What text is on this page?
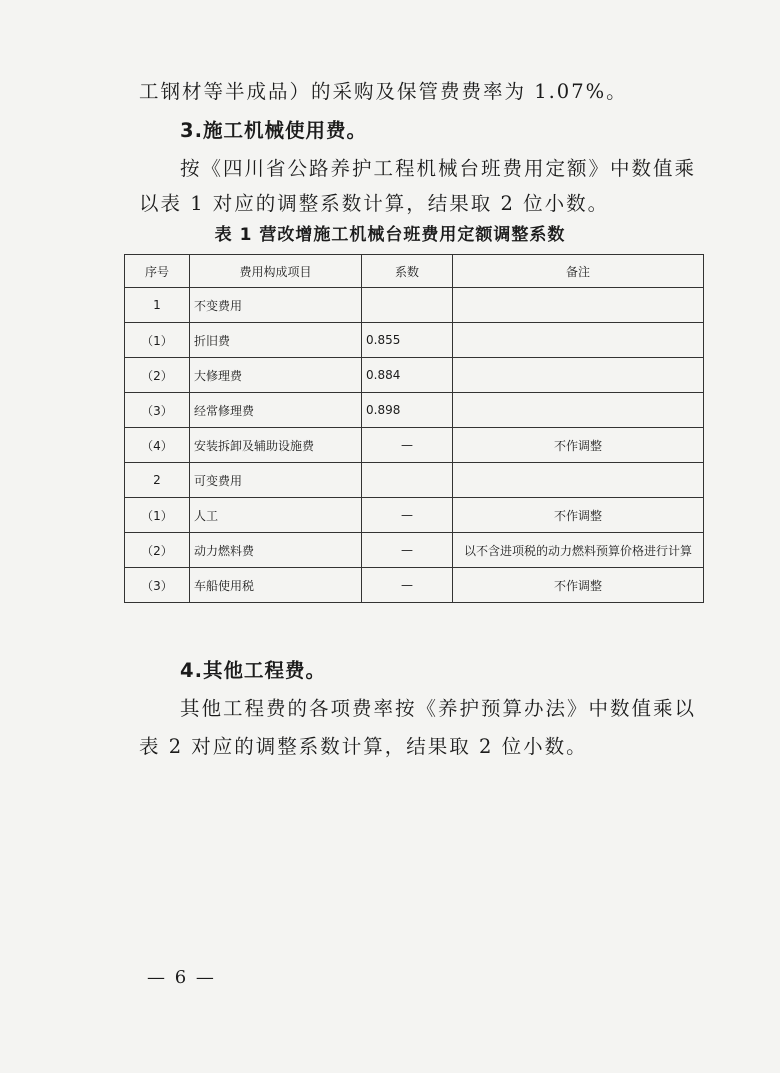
工钢材等半成品）的采购及保管费费率为 1.07%。
3.施工机械使用费。
按《四川省公路养护工程机械台班费用定额》中数值乘
以表 1 对应的调整系数计算，结果取 2 位小数。
表 1 营改增施工机械台班费用定额调整系数
序号	费用构成项目	系数	备注
1	不变费用		
（1）	折旧费	0.855	
（2）	大修理费	0.884	
（3）	经常修理费	0.898	
（4）	安装拆卸及辅助设施费	—	不作调整
2	可变费用		
（1）	人工	—	不作调整
（2）	动力燃料费	—	以不含进项税的动力燃料预算价格进行计算
（3）	车船使用税	—	不作调整
4.其他工程费。
其他工程费的各项费率按《养护预算办法》中数值乘以
表 2 对应的调整系数计算，结果取 2 位小数。
— 6 —
